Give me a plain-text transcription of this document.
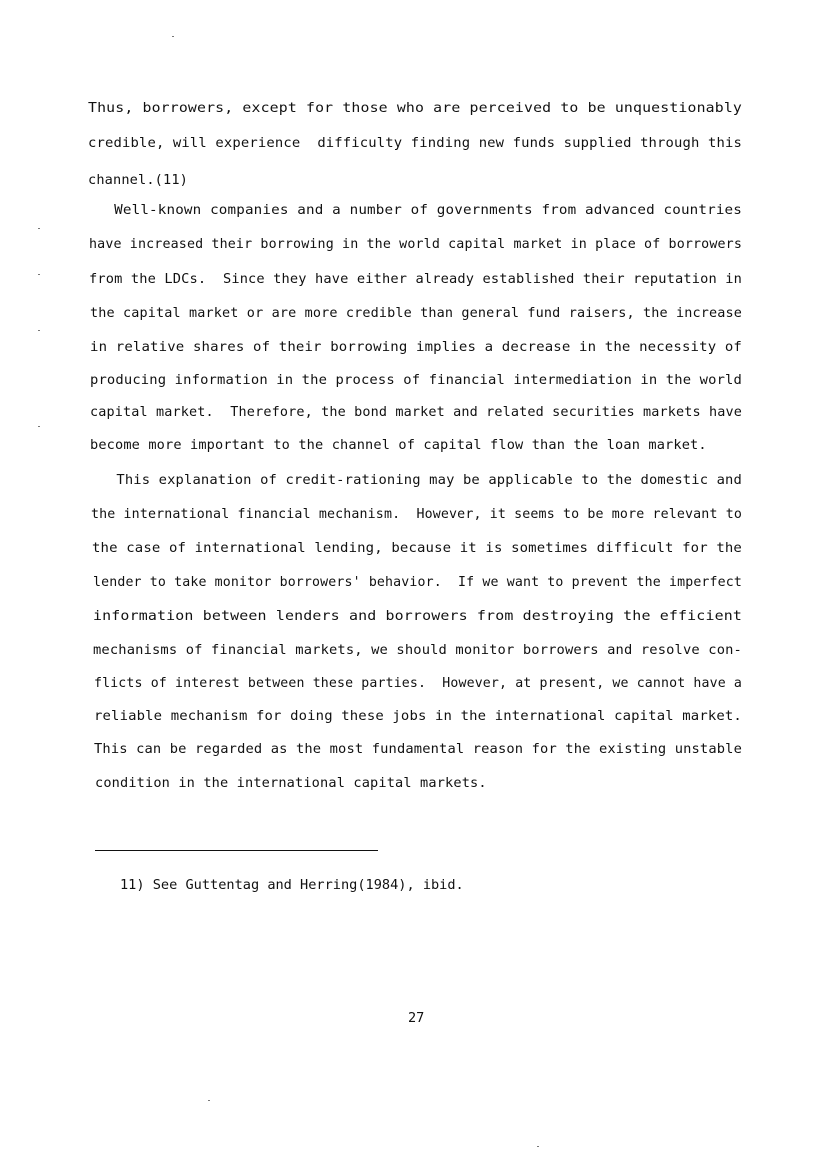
Thus, borrowers, except for those who are perceived to be unquestionably
credible, will experience  difficulty finding new funds supplied through this
channel.(11)
Well-known companies and a number of governments from advanced countries
have increased their borrowing in the world capital market in place of borrowers
from the LDCs.  Since they have either already established their reputation in
the capital market or are more credible than general fund raisers, the increase
in relative shares of their borrowing implies a decrease in the necessity of
producing information in the process of financial intermediation in the world
capital market.  Therefore, the bond market and related securities markets have
become more important to the channel of capital flow than the loan market.
This explanation of credit-rationing may be applicable to the domestic and
the international financial mechanism.  However, it seems to be more relevant to
the case of international lending, because it is sometimes difficult for the
lender to take monitor borrowers' behavior.  If we want to prevent the imperfect
information between lenders and borrowers from destroying the efficient
mechanisms of financial markets, we should monitor borrowers and resolve con-
flicts of interest between these parties.  However, at present, we cannot have a
reliable mechanism for doing these jobs in the international capital market.
This can be regarded as the most fundamental reason for the existing unstable
condition in the international capital markets.
11) See Guttentag and Herring(1984), ibid.
27
